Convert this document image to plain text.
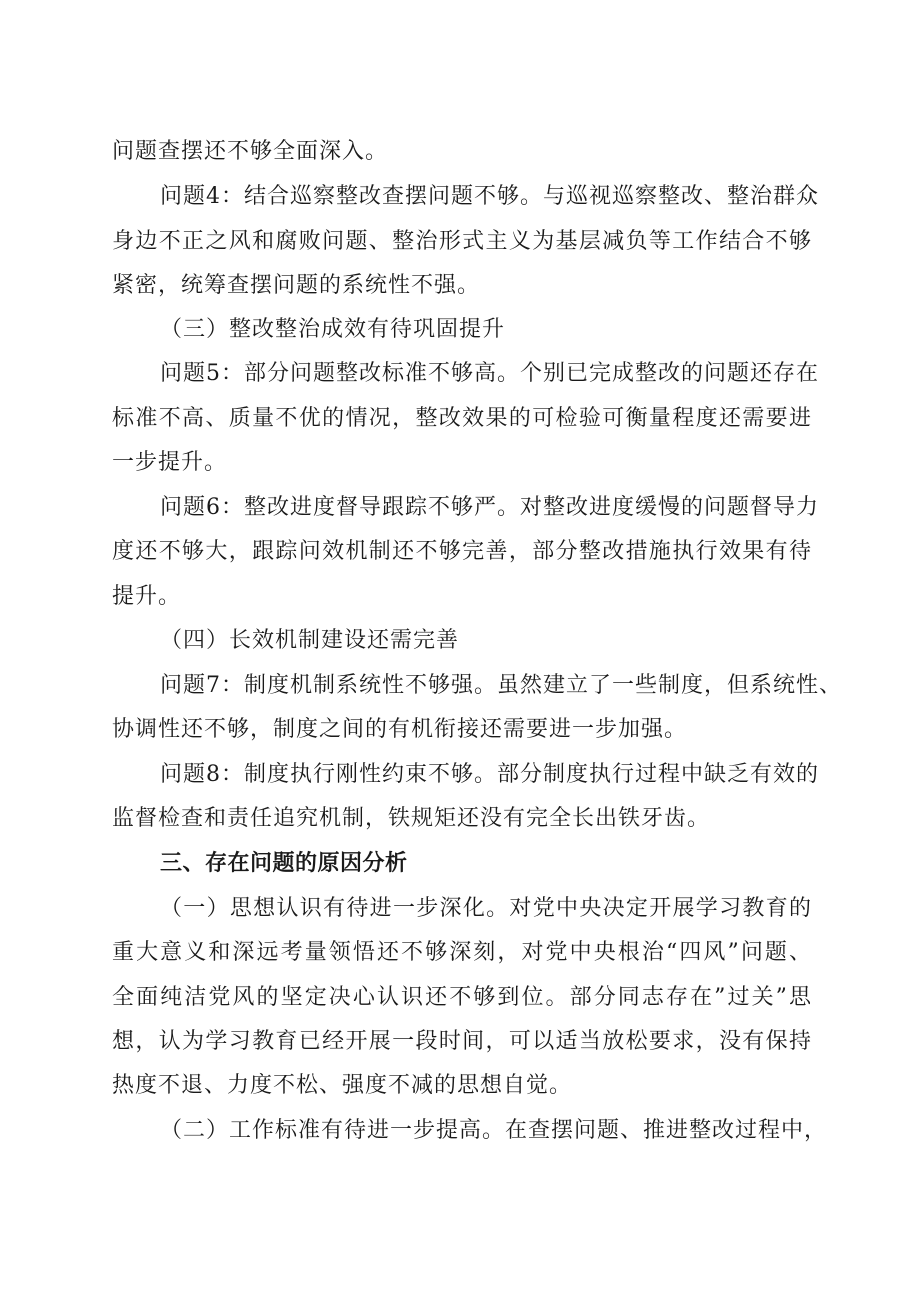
问题查摆还不够全面深入。
问题4：结合巡察整改查摆问题不够。与巡视巡察整改、整治群众
身边不正之风和腐败问题、整治形式主义为基层减负等工作结合不够
紧密，统筹查摆问题的系统性不强。
（三）整改整治成效有待巩固提升
问题5：部分问题整改标准不够高。个别已完成整改的问题还存在
标准不高、质量不优的情况，整改效果的可检验可衡量程度还需要进
一步提升。
问题6：整改进度督导跟踪不够严。对整改进度缓慢的问题督导力
度还不够大，跟踪问效机制还不够完善，部分整改措施执行效果有待
提升。
（四）长效机制建设还需完善
问题7：制度机制系统性不够强。虽然建立了一些制度，但系统性、
协调性还不够，制度之间的有机衔接还需要进一步加强。
问题8：制度执行刚性约束不够。部分制度执行过程中缺乏有效的
监督检查和责任追究机制，铁规矩还没有完全长出铁牙齿。
三、存在问题的原因分析
（一）思想认识有待进一步深化。对党中央决定开展学习教育的
重大意义和深远考量领悟还不够深刻，对党中央根治“四风”问题、
全面纯洁党风的坚定决心认识还不够到位。部分同志存在”过关”思
想，认为学习教育已经开展一段时间，可以适当放松要求，没有保持
热度不退、力度不松、强度不减的思想自觉。
（二）工作标准有待进一步提高。在查摆问题、推进整改过程中，
